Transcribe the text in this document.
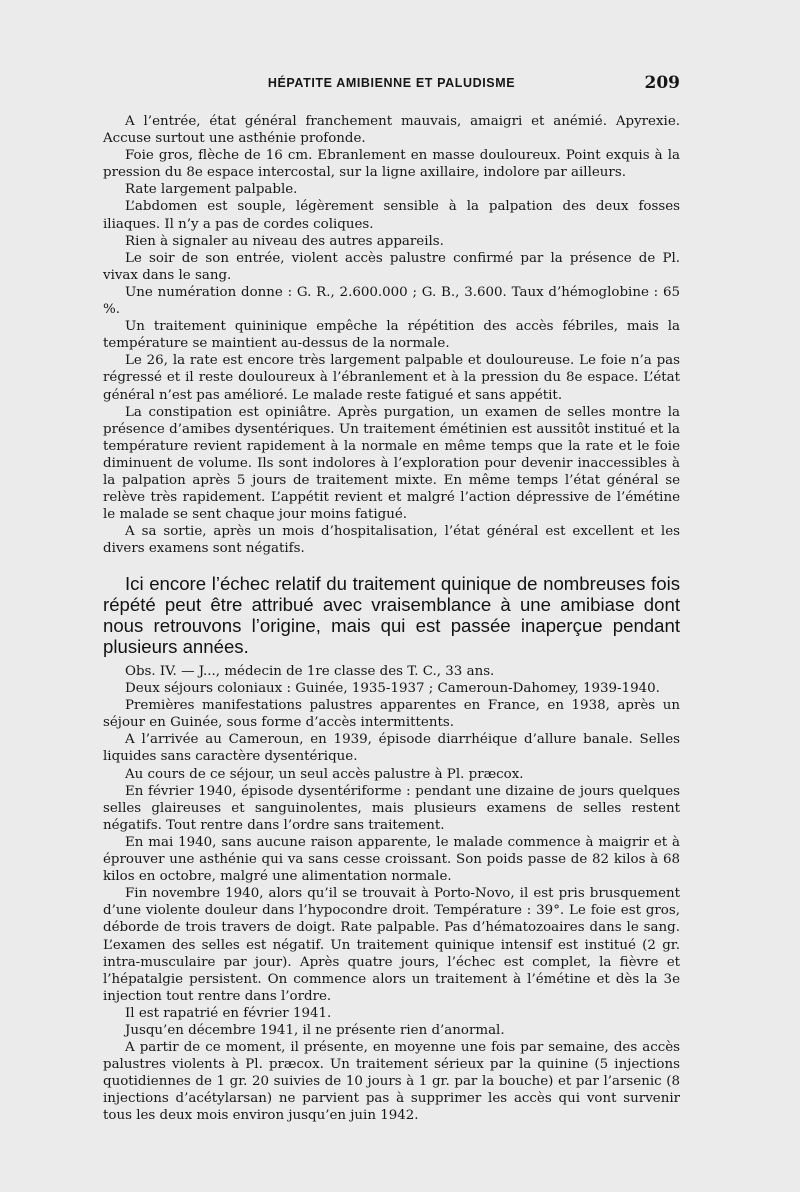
HÉPATITE AMIBIENNE ET PALUDISME	209

A l’entrée, état général franchement mauvais, amaigri et anémié. Apyrexie. Accuse surtout une asthénie profonde.

Foie gros, flèche de 16 cm. Ebranlement en masse douloureux. Point exquis à la pression du 8e espace intercostal, sur la ligne axillaire, indolore par ailleurs.

Rate largement palpable.

L’abdomen est souple, légèrement sensible à la palpation des deux fosses iliaques. Il n’y a pas de cordes coliques.

Rien à signaler au niveau des autres appareils.

Le soir de son entrée, violent accès palustre confirmé par la présence de Pl. vivax dans le sang.

Une numération donne : G. R., 2.600.000 ; G. B., 3.600. Taux d’hémoglobine : 65 %.

Un traitement quininique empêche la répétition des accès fébriles, mais la température se maintient au-dessus de la normale.

Le 26, la rate est encore très largement palpable et douloureuse. Le foie n’a pas régressé et il reste douloureux à l’ébranlement et à la pression du 8e espace. L’état général n’est pas amélioré. Le malade reste fatigué et sans appétit.

La constipation est opiniâtre. Après purgation, un examen de selles montre la présence d’amibes dysentériques. Un traitement émétinien est aussitôt institué et la température revient rapidement à la normale en même temps que la rate et le foie diminuent de volume. Ils sont indolores à l’exploration pour devenir inaccessibles à la palpation après 5 jours de traitement mixte. En même temps l’état général se relève très rapidement. L’appétit revient et malgré l’action dépressive de l’émétine le malade se sent chaque jour moins fatigué.

A sa sortie, après un mois d’hospitalisation, l’état général est excellent et les divers examens sont négatifs.

Ici encore l’échec relatif du traitement quinique de nombreuses fois répété peut être attribué avec vraisemblance à une amibiase dont nous retrouvons l’origine, mais qui est passée inaperçue pendant plusieurs années.

Obs. IV. — J..., médecin de 1re classe des T. C., 33 ans.

Deux séjours coloniaux : Guinée, 1935-1937 ; Cameroun-Dahomey, 1939-1940.

Premières manifestations palustres apparentes en France, en 1938, après un séjour en Guinée, sous forme d’accès intermittents.

A l’arrivée au Cameroun, en 1939, épisode diarrhéique d’allure banale. Selles liquides sans caractère dysentérique.

Au cours de ce séjour, un seul accès palustre à Pl. præcox.

En février 1940, épisode dysentériforme : pendant une dizaine de jours quelques selles glaireuses et sanguinolentes, mais plusieurs examens de selles restent négatifs. Tout rentre dans l’ordre sans traitement.

En mai 1940, sans aucune raison apparente, le malade commence à maigrir et à éprouver une asthénie qui va sans cesse croissant. Son poids passe de 82 kilos à 68 kilos en octobre, malgré une alimentation normale.

Fin novembre 1940, alors qu’il se trouvait à Porto-Novo, il est pris brusquement d’une violente douleur dans l’hypocondre droit. Température : 39°. Le foie est gros, déborde de trois travers de doigt. Rate palpable. Pas d’hématozoaires dans le sang. L’examen des selles est négatif. Un traitement quinique intensif est institué (2 gr. intra-musculaire par jour). Après quatre jours, l’échec est complet, la fièvre et l’hépatalgie persistent. On commence alors un traitement à l’émétine et dès la 3e injection tout rentre dans l’ordre.

Il est rapatrié en février 1941.

Jusqu’en décembre 1941, il ne présente rien d’anormal.

A partir de ce moment, il présente, en moyenne une fois par semaine, des accès palustres violents à Pl. præcox. Un traitement sérieux par la quinine (5 injections quotidiennes de 1 gr. 20 suivies de 10 jours à 1 gr. par la bouche) et par l’arsenic (8 injections d’acétylarsan) ne parvient pas à supprimer les accès qui vont survenir tous les deux mois environ jusqu’en juin 1942.
